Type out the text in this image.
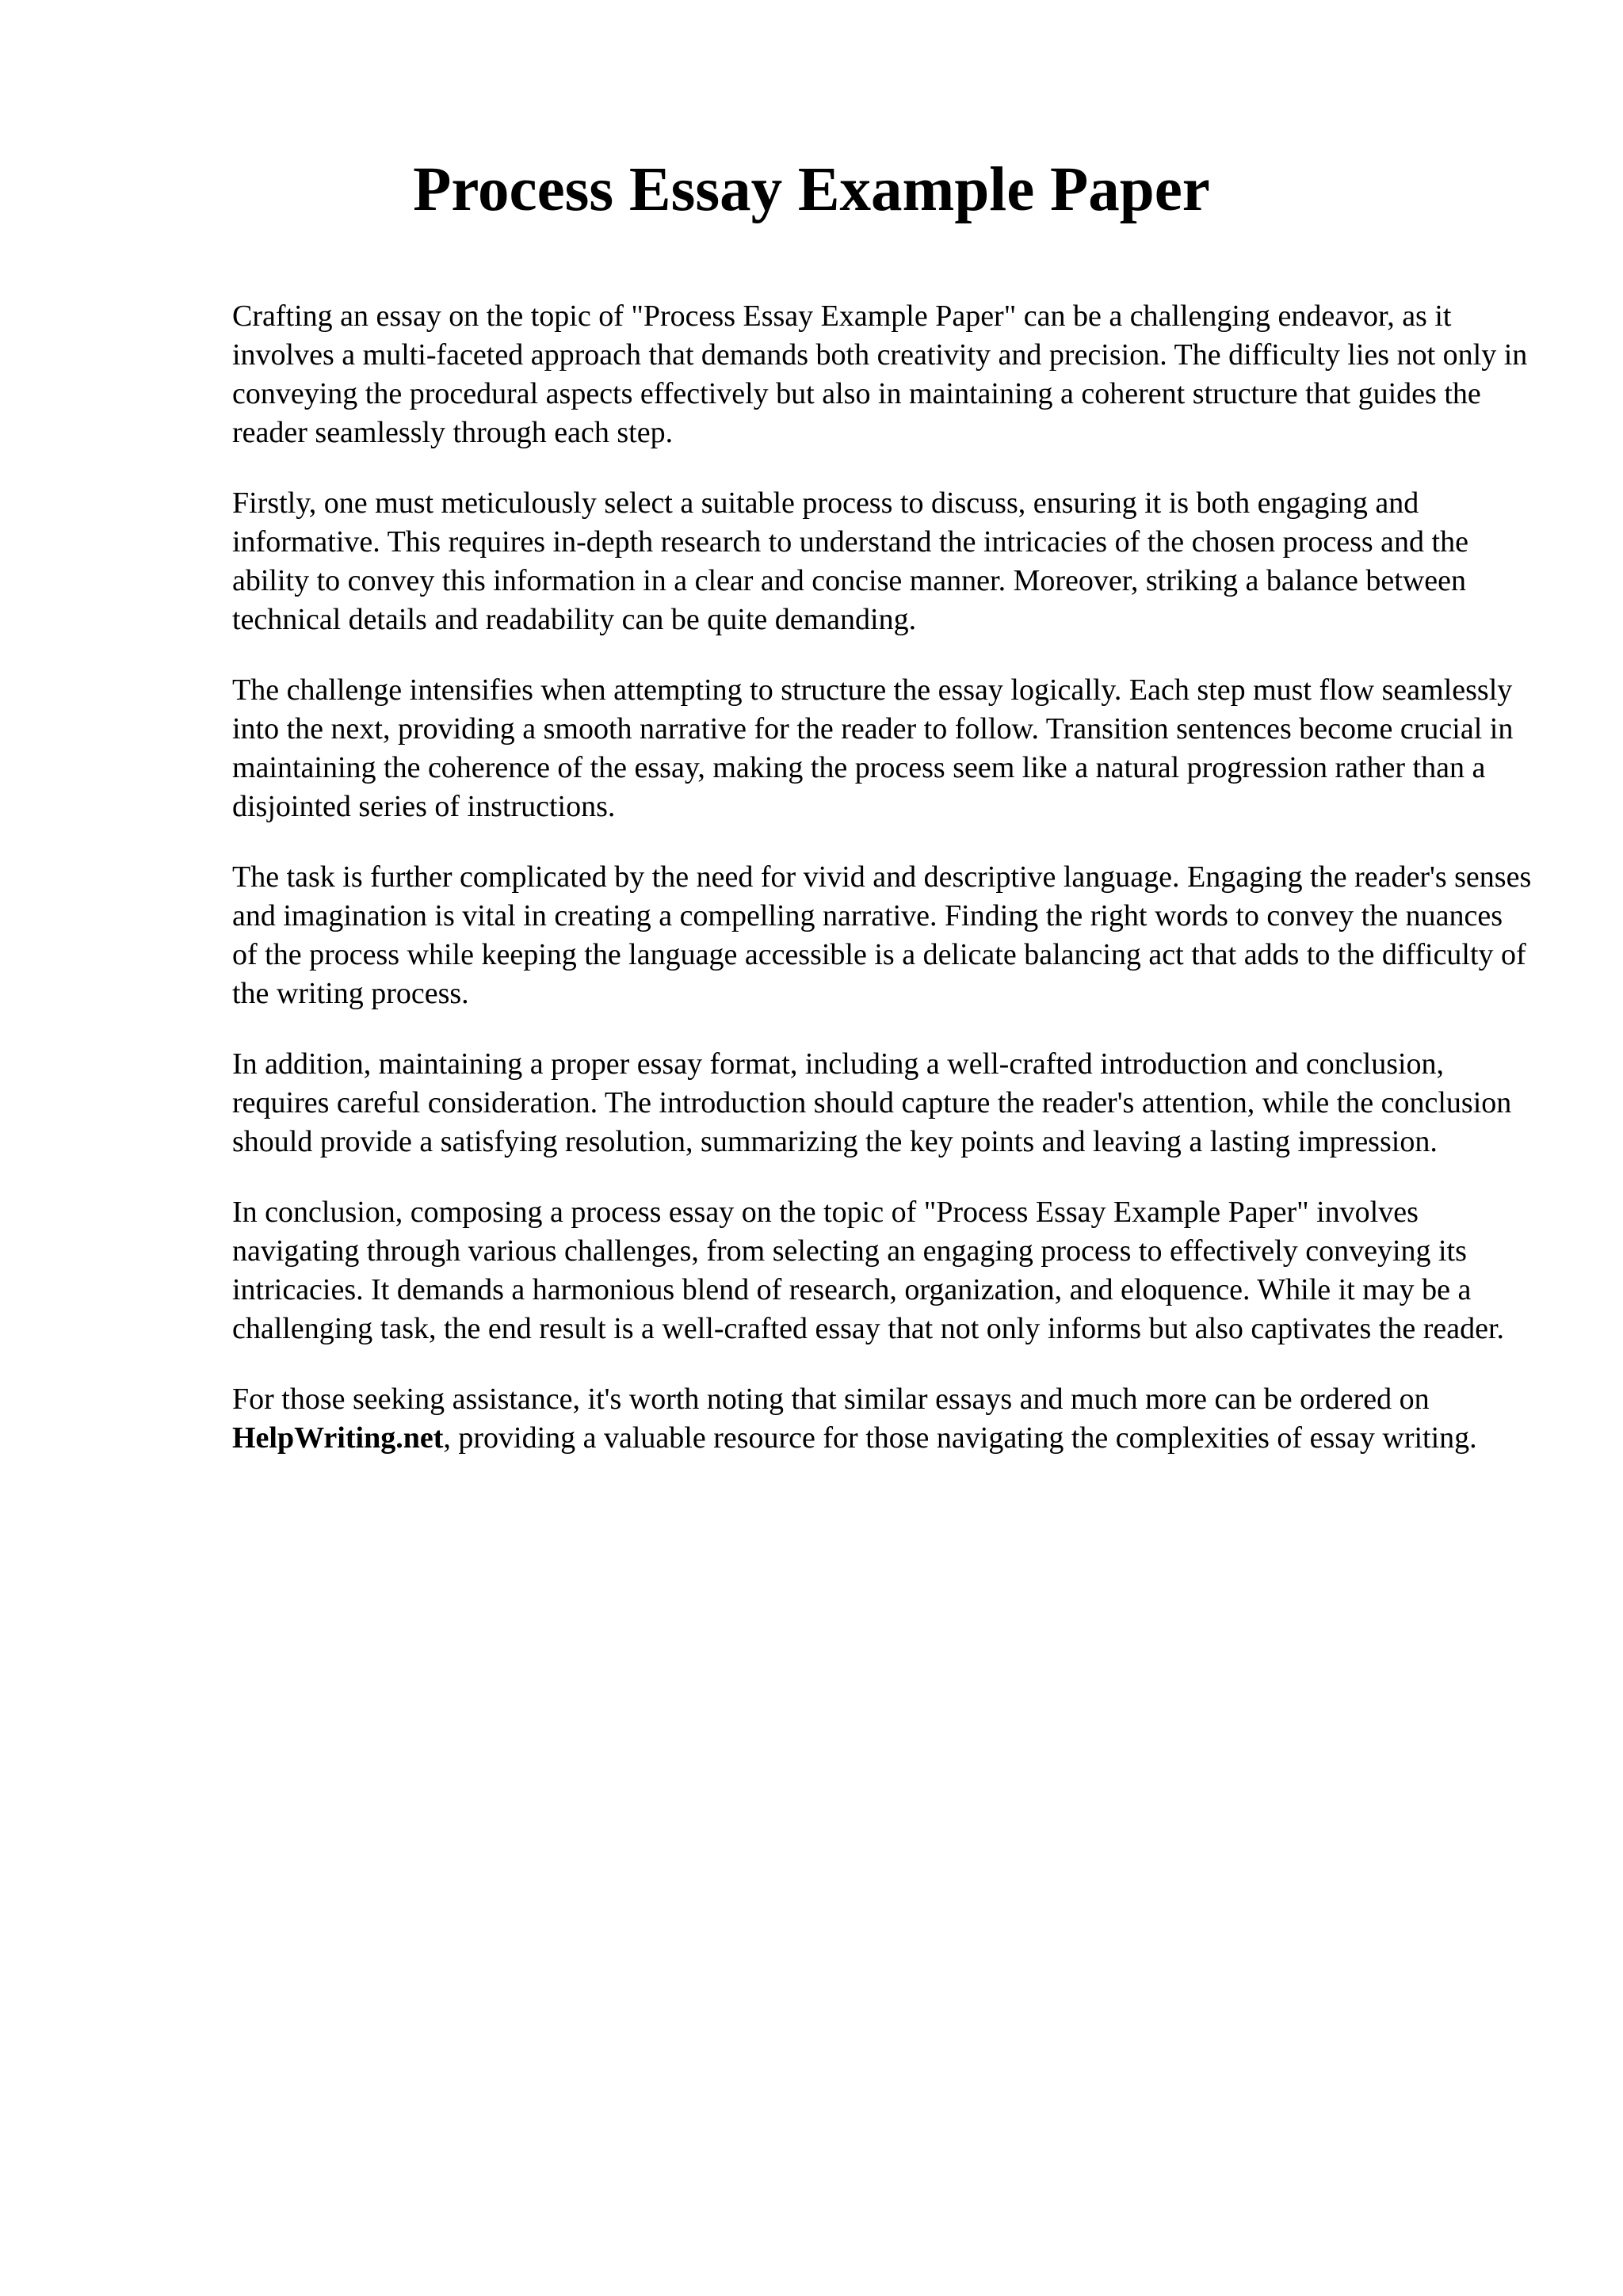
Process Essay Example Paper

Crafting an essay on the topic of "Process Essay Example Paper" can be a challenging endeavor, as it involves a multi-faceted approach that demands both creativity and precision. The difficulty lies not only in conveying the procedural aspects effectively but also in maintaining a coherent structure that guides the reader seamlessly through each step.

Firstly, one must meticulously select a suitable process to discuss, ensuring it is both engaging and informative. This requires in-depth research to understand the intricacies of the chosen process and the ability to convey this information in a clear and concise manner. Moreover, striking a balance between technical details and readability can be quite demanding.

The challenge intensifies when attempting to structure the essay logically. Each step must flow seamlessly into the next, providing a smooth narrative for the reader to follow. Transition sentences become crucial in maintaining the coherence of the essay, making the process seem like a natural progression rather than a disjointed series of instructions.

The task is further complicated by the need for vivid and descriptive language. Engaging the reader's senses and imagination is vital in creating a compelling narrative. Finding the right words to convey the nuances of the process while keeping the language accessible is a delicate balancing act that adds to the difficulty of the writing process.

In addition, maintaining a proper essay format, including a well-crafted introduction and conclusion, requires careful consideration. The introduction should capture the reader's attention, while the conclusion should provide a satisfying resolution, summarizing the key points and leaving a lasting impression.

In conclusion, composing a process essay on the topic of "Process Essay Example Paper" involves navigating through various challenges, from selecting an engaging process to effectively conveying its intricacies. It demands a harmonious blend of research, organization, and eloquence. While it may be a challenging task, the end result is a well-crafted essay that not only informs but also captivates the reader.

For those seeking assistance, it's worth noting that similar essays and much more can be ordered on HelpWriting.net, providing a valuable resource for those navigating the complexities of essay writing.
